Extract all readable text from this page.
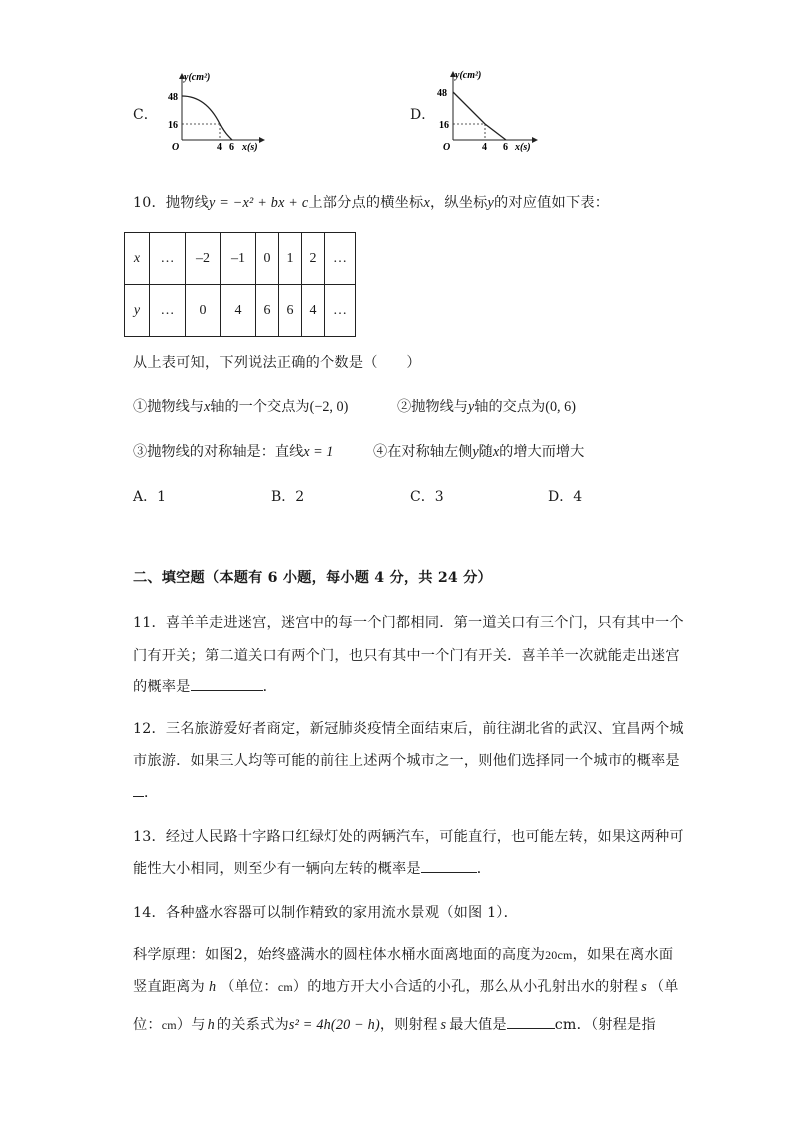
C．
y(cm²)
48
16
O	4 6 x(s)
D．
y(cm²)
48
16
O	4 6 x(s)
10．抛物线y = −x² + bx + c上部分点的横坐标x，纵坐标y的对应值如下表：
x	…	–2	–1	0	1	2	…
y	…	0	4	6	6	4	…
从上表可知，下列说法正确的个数是（　　）
①抛物线与x轴的一个交点为(−2, 0)	②抛物线与y轴的交点为(0, 6)
③抛物线的对称轴是：直线x = 1	④在对称轴左侧y随x的增大而增大
A．1	B．2	C．3	D．4
二、填空题（本题有 6 小题，每小题 4 分，共 24 分）
11．喜羊羊走进迷宫，迷宫中的每一个门都相同．第一道关口有三个门，只有其中一个
门有开关；第二道关口有两个门，也只有其中一个门有开关．喜羊羊一次就能走出迷宫
的概率是	．
12．三名旅游爱好者商定，新冠肺炎疫情全面结束后，前往湖北省的武汉、宜昌两个城
市旅游．如果三人均等可能的前往上述两个城市之一，则他们选择同一个城市的概率是
．
13．经过人民路十字路口红绿灯处的两辆汽车，可能直行，也可能左转，如果这两种可
能性大小相同，则至少有一辆向左转的概率是	．
14．各种盛水容器可以制作精致的家用流水景观（如图 1）．
科学原理：如图2，始终盛满水的圆柱体水桶水面离地面的高度为20cm，如果在离水面
竖直距离为 h （单位：cm）的地方开大小合适的小孔，那么从小孔射出水的射程 s （单
位：cm）与 h 的关系式为s² = 4h(20 − h)，则射程 s 最大值是	cm．（射程是指
